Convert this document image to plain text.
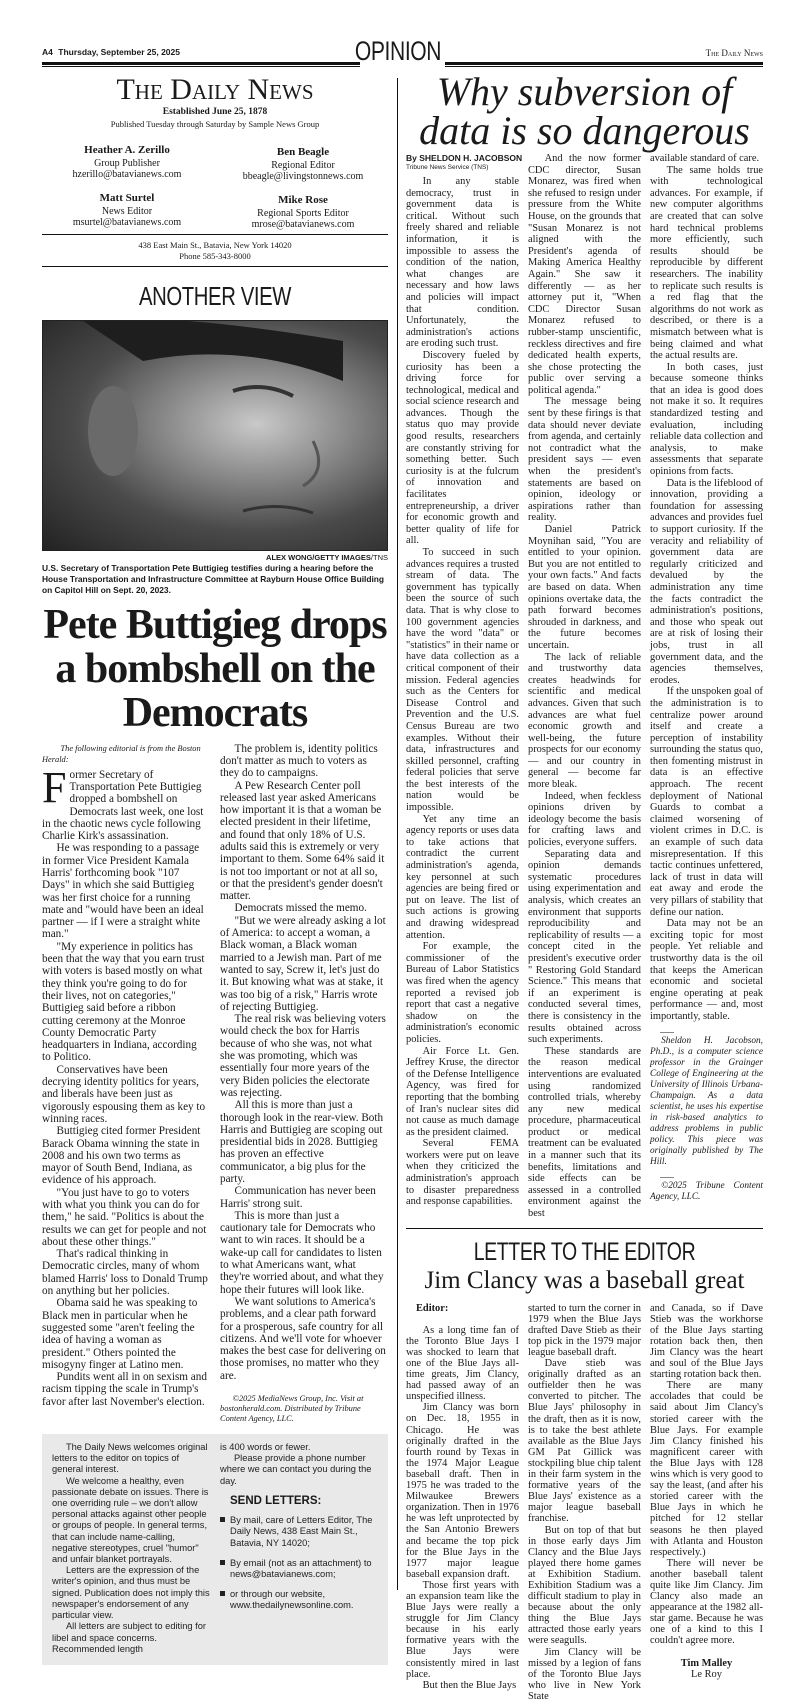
A4 Thursday, September 25, 2025	OPINION	The Daily News
The Daily News
Established June 25, 1878
Published Tuesday through Saturday by Sample News Group
Heather A. Zerillo
Group Publisher
hzerillo@batavianews.com
Ben Beagle
Regional Editor
bbeagle@livingstonnews.com
Matt Surtel
News Editor
msurtel@batavianews.com
Mike Rose
Regional Sports Editor
mrose@batavianews.com
438 East Main St., Batavia, New York 14020
Phone 585-343-8000
ANOTHER VIEW
ALEX WONG/GETTY IMAGES/TNS
U.S. Secretary of Transportation Pete Buttigieg testifies during a hearing before the House Transportation and Infrastructure Committee at Rayburn House Office Building on Capitol Hill on Sept. 20, 2023.
Pete Buttigieg drops a bombshell on the Democrats
The following editorial is from the Boston Herald:

Former Secretary of Transportation Pete Buttigieg dropped a bombshell on Democrats last week, one lost in the chaotic news cycle following Charlie Kirk's assassination.

He was responding to a passage in former Vice President Kamala Harris' forthcoming book "107 Days" in which she said Buttigieg was her first choice for a running mate and "would have been an ideal partner — if I were a straight white man."

"My experience in politics has been that the way that you earn trust with voters is based mostly on what they think you're going to do for their lives, not on categories," Buttigieg said before a ribbon cutting ceremony at the Monroe County Democratic Party headquarters in Indiana, according to Politico.

Conservatives have been decrying identity politics for years, and liberals have been just as vigorously espousing them as key to winning races.

Buttigieg cited former President Barack Obama winning the state in 2008 and his own two terms as mayor of South Bend, Indiana, as evidence of his approach.

"You just have to go to voters with what you think you can do for them," he said. "Politics is about the results we can get for people and not about these other things."

That's radical thinking in Democratic circles, many of whom blamed Harris' loss to Donald Trump on anything but her policies.

Obama said he was speaking to Black men in particular when he suggested some "aren't feeling the idea of having a woman as president." Others pointed the misogyny finger at Latino men.

Pundits went all in on sexism and racism tipping the scale in Trump's favor after last November's election.

The problem is, identity politics don't matter as much to voters as they do to campaigns.

A Pew Research Center poll released last year asked Americans how important it is that a woman be elected president in their lifetime, and found that only 18% of U.S. adults said this is extremely or very important to them. Some 64% said it is not too important or not at all so, or that the president's gender doesn't matter.

Democrats missed the memo.

"But we were already asking a lot of America: to accept a woman, a Black woman, a Black woman married to a Jewish man. Part of me wanted to say, Screw it, let's just do it. But knowing what was at stake, it was too big of a risk," Harris wrote of rejecting Buttigieg.

The real risk was believing voters would check the box for Harris because of who she was, not what she was promoting, which was essentially four more years of the very Biden policies the electorate was rejecting.

All this is more than just a thorough look in the rear-view. Both Harris and Buttigieg are scoping out presidential bids in 2028. Buttigieg has proven an effective communicator, a big plus for the party.

Communication has never been Harris' strong suit.

This is more than just a cautionary tale for Democrats who want to win races. It should be a wake-up call for candidates to listen to what Americans want, what they're worried about, and what they hope their futures will look like.

We want solutions to America's problems, and a clear path forward for a prosperous, safe country for all citizens. And we'll vote for whoever makes the best case for delivering on those promises, no matter who they are.

©2025 MediaNews Group, Inc. Visit at bostonherald.com. Distributed by Tribune Content Agency, LLC.

The Daily News welcomes original letters to the editor on topics of general interest.

We welcome a healthy, even passionate debate on issues. There is one overriding rule – we don't allow personal attacks against other people or groups of people. In general terms, that can include name-calling, negative stereotypes, cruel "humor" and unfair blanket portrayals.

Letters are the expression of the writer's opinion, and thus must be signed. Publication does not imply this newspaper's endorsement of any particular view.

All letters are subject to editing for libel and space concerns. Recommended length

is 400 words or fewer.

Please provide a phone number where we can contact you during the day.

SEND LETTERS:
By mail, care of Letters Editor, The Daily News, 438 East Main St., Batavia, NY 14020;
By email (not as an attachment) to news@batavianews.com;
or through our website, www.thedailynewsonline.com.
Why subversion of data is so dangerous
By SHELDON H. JACOBSON
Tribune News Service (TNS)

In any stable democracy, trust in government data is critical. Without such freely shared and reliable information, it is impossible to assess the condition of the nation, what changes are necessary and how laws and policies will impact that condition. Unfortunately, the administration's actions are eroding such trust.

Discovery fueled by curiosity has been a driving force for technological, medical and social science research and advances. Though the status quo may provide good results, researchers are constantly striving for something better. Such curiosity is at the fulcrum of innovation and facilitates entrepreneurship, a driver for economic growth and better quality of life for all.

To succeed in such advances requires a trusted stream of data. The government has typically been the source of such data. That is why close to 100 government agencies have the word "data" or "statistics" in their name or have data collection as a critical component of their mission. Federal agencies such as the Centers for Disease Control and Prevention and the U.S. Census Bureau are two examples. Without their data, infrastructures and skilled personnel, crafting federal policies that serve the best interests of the nation would be impossible.

Yet any time an agency reports or uses data to take actions that contradict the current administration's agenda, key personnel at such agencies are being fired or put on leave. The list of such actions is growing and drawing widespread attention.

For example, the commissioner of the Bureau of Labor Statistics was fired when the agency reported a revised job report that cast a negative shadow on the administration's economic policies.

Air Force Lt. Gen. Jeffrey Kruse, the director of the Defense Intelligence Agency, was fired for reporting that the bombing of Iran's nuclear sites did not cause as much damage as the president claimed.

Several FEMA workers were put on leave when they criticized the administration's approach to disaster preparedness and response capabilities.

And the now former CDC director, Susan Monarez, was fired when she refused to resign under pressure from the White House, on the grounds that "Susan Monarez is not aligned with the President's agenda of Making America Healthy Again." She saw it differently — as her attorney put it, "When CDC Director Susan Monarez refused to rubber-stamp unscientific, reckless directives and fire dedicated health experts, she chose protecting the public over serving a political agenda."

The message being sent by these firings is that data should never deviate from agenda, and certainly not contradict what the president says — even when the president's statements are based on opinion, ideology or aspirations rather than reality.

Daniel Patrick Moynihan said, "You are entitled to your opinion. But you are not entitled to your own facts." And facts are based on data. When opinions overtake data, the path forward becomes shrouded in darkness, and the future becomes uncertain.

The lack of reliable and trustworthy data creates headwinds for scientific and medical advances. Given that such advances are what fuel economic growth and well-being, the future prospects for our economy — and our country in general — become far more bleak.

Indeed, when feckless opinions driven by ideology become the basis for crafting laws and policies, everyone suffers.

Separating data and opinion demands systematic procedures using experimentation and analysis, which creates an environment that supports reproducibility and replicability of results — a concept cited in the president's executive order " Restoring Gold Standard Science." This means that if an experiment is conducted several times, there is consistency in the results obtained across such experiments.

These standards are the reason medical interventions are evaluated using randomized controlled trials, whereby any new medical procedure, pharmaceutical product or medical treatment can be evaluated in a manner such that its benefits, limitations and side effects can be assessed in a controlled environment against the best

available standard of care.

The same holds true with technological advances. For example, if new computer algorithms are created that can solve hard technical problems more efficiently, such results should be reproducible by different researchers. The inability to replicate such results is a red flag that the algorithms do not work as described, or there is a mismatch between what is being claimed and what the actual results are.

In both cases, just because someone thinks that an idea is good does not make it so. It requires standardized testing and evaluation, including reliable data collection and analysis, to make assessments that separate opinions from facts.

Data is the lifeblood of innovation, providing a foundation for assessing advances and provides fuel to support curiosity. If the veracity and reliability of government data are regularly criticized and devalued by the administration any time the facts contradict the administration's positions, and those who speak out are at risk of losing their jobs, trust in all government data, and the agencies themselves, erodes.

If the unspoken goal of the administration is to centralize power around itself and create a perception of instability surrounding the status quo, then fomenting mistrust in data is an effective approach. The recent deployment of National Guards to combat a claimed worsening of violent crimes in D.C. is an example of such data misrepresentation. If this tactic continues unfettered, lack of trust in data will eat away and erode the very pillars of stability that define our nation.

Data may not be an exciting topic for most people. Yet reliable and trustworthy data is the oil that keeps the American economic and societal engine operating at peak performance — and, most importantly, stable.

Sheldon H. Jacobson, Ph.D., is a computer science professor in the Grainger College of Engineering at the University of Illinois Urbana-Champaign. As a data scientist, he uses his expertise in risk-based analytics to address problems in public policy. This piece was originally published by The Hill.
©2025 Tribune Content Agency, LLC.
LETTER TO THE EDITOR
Jim Clancy was a baseball great
Editor:

As a long time fan of the Toronto Blue Jays I was shocked to learn that one of the Blue Jays all-time greats, Jim Clancy, had passed away of an unspecified illness.

Jim Clancy was born on Dec. 18, 1955 in Chicago. He was originally drafted in the fourth round by Texas in the 1974 Major League baseball draft. Then in 1975 he was traded to the Milwaukee Brewers organization. Then in 1976 he was left unprotected by the San Antonio Brewers and became the top pick for the Blue Jays in the 1977 major league baseball expansion draft.

Those first years with an expansion team like the Blue Jays were really a struggle for Jim Clancy because in his early formative years with the Blue Jays were consistently mired in last place.

But then the Blue Jays

started to turn the corner in 1979 when the Blue Jays drafted Dave Stieb as their top pick in the 1979 major league baseball draft.

Dave stieb was originally drafted as an outfielder then he was converted to pitcher. The Blue Jays' philosophy in the draft, then as it is now, is to take the best athlete available as the Blue Jays GM Pat Gillick was stockpiling blue chip talent in their farm system in the formative years of the Blue Jays' existence as a major league baseball franchise.

But on top of that but in those early days Jim Clancy and the Blue Jays played there home games at Exhibition Stadium. Exhibition Stadium was a difficult stadium to play in because about the only thing the Blue Jays attracted those early years were seagulls.

Jim Clancy will be missed by a legion of fans of the Toronto Blue Jays who live in New York State

and Canada, so if Dave Stieb was the workhorse of the Blue Jays starting rotation back then, then Jim Clancy was the heart and soul of the Blue Jays starting rotation back then.

There are many accolades that could be said about Jim Clancy's storied career with the Blue Jays. For example Jim Clancy finished his magnificent career with the Blue Jays with 128 wins which is very good to say the least, (and after his storied career with the Blue Jays in which he pitched for 12 stellar seasons he then played with Atlanta and Houston respectively.)

There will never be another baseball talent quite like Jim Clancy. Jim Clancy also made an appearance at the 1982 all-star game. Because he was one of a kind to this I couldn't agree more.

Tim Malley
Le Roy
